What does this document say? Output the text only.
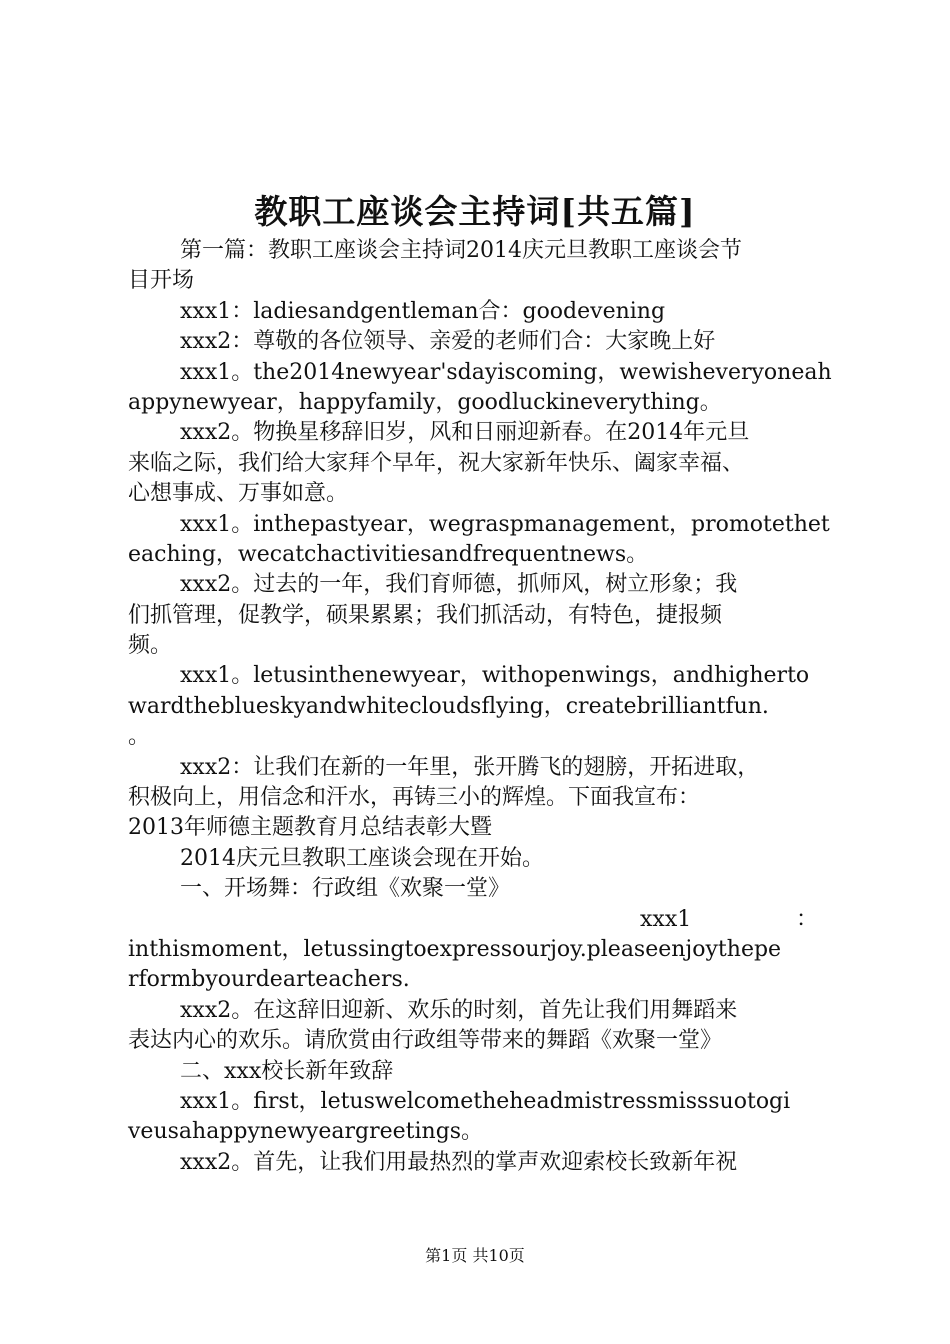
教职工座谈会主持词[共五篇]
第一篇：教职工座谈会主持词2014庆元旦教职工座谈会节
目开场
xxx1：ladiesandgentleman合：goodevening
xxx2：尊敬的各位领导、亲爱的老师们合：大家晚上好
xxx1。the2014newyear'sdayiscoming，wewisheveryoneah
appynewyear，happyfamily，goodluckineverything。
xxx2。物换星移辞旧岁，风和日丽迎新春。在2014年元旦
来临之际，我们给大家拜个早年，祝大家新年快乐、阖家幸福、
心想事成、万事如意。
xxx1。inthepastyear，wegraspmanagement，promotethet
eaching，wecatchactivitiesandfrequentnews。
xxx2。过去的一年，我们育师德，抓师风，树立形象；我
们抓管理，促教学，硕果累累；我们抓活动，有特色，捷报频
频。
xxx1。letusinthenewyear，withopenwings，andhigherto
wardtheblueskyandwhitecloudsflying，createbrilliantfun.
。
xxx2：让我们在新的一年里，张开腾飞的翅膀，开拓进取，
积极向上，用信念和汗水，再铸三小的辉煌。下面我宣布：
2013年师德主题教育月总结表彰大暨
2014庆元旦教职工座谈会现在开始。
一、开场舞：行政组《欢聚一堂》
xxx1	：
inthismoment，letussingtoexpressourjoy.pleaseenjoythepe
rformbyourdearteachers.
xxx2。在这辞旧迎新、欢乐的时刻，首先让我们用舞蹈来
表达内心的欢乐。请欣赏由行政组等带来的舞蹈《欢聚一堂》
二、xxx校长新年致辞
xxx1。first，letuswelcometheheadmistressmisssuotogi
veusahappynewyeargreetings。
xxx2。首先，让我们用最热烈的掌声欢迎索校长致新年祝
第1页 共10页
